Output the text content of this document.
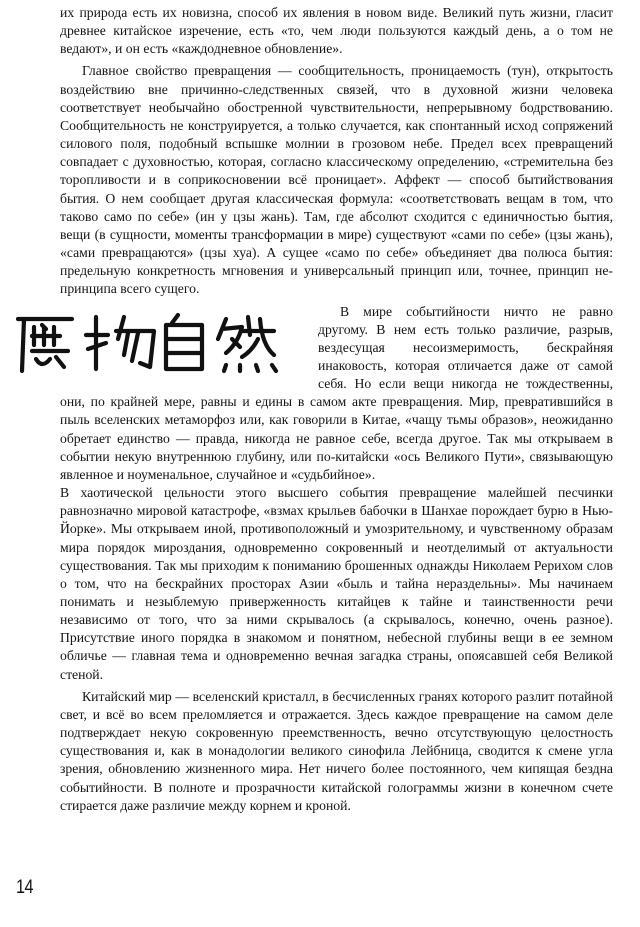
их природа есть их новизна, способ их явления в новом виде. Великий путь жизни, гласит древнее китайское изречение, есть «то, чем люди пользуются каждый день, а о том не ведают», и он есть «каждодневное обновление».

Главное свойство превращения — сообщительность, проницаемость (тун), открытость воздействию вне причинно-следственных связей, что в духовной жизни человека соответствует необычайно обостренной чувствительности, непрерывному бодрствованию. Сообщительность не конструируется, а только случается, как спонтанный исход сопряжений силового поля, подобный вспышке молнии в грозовом небе. Предел всех превращений совпадает с духовностью, которая, согласно классическому определению, «стремительна без торопливости и в соприкосновении всё проницает». Аффект — способ бытийствования бытия. О нем сообщает другая классическая формула: «соответствовать вещам в том, что таково само по себе» (ин у цзы жань). Там, где абсолют сходится с единичностью бытия, вещи (в сущности, моменты трансформации в мире) существуют «сами по себе» (цзы жань), «сами превращаются» (цзы хуа). А сущее «само по себе» объединяет два полюса бытия: предельную конкретность мгновения и универсальный принцип или, точнее, принцип не-принципа всего сущего.

В мире событийности ничто не равно другому. В нем есть только различие, разрыв, вездесущая несоизмеримость, бескрайняя инаковость, которая отличается даже от самой себя. Но если вещи никогда не тождественны, они, по крайней мере, равны и едины в самом акте превращения. Мир, превратившийся в пыль вселенских метаморфоз или, как говорили в Китае, «чащу тьмы образов», неожиданно обретает единство — правда, никогда не равное себе, всегда другое. Так мы открываем в событии некую внутреннюю глубину, или по-китайски «ось Великого Пути», связывающую явленное и ноуменальное, случайное и «судьбийное».

В хаотической цельности этого высшего события превращение малейшей песчинки равнозначно мировой катастрофе, «взмах крыльев бабочки в Шанхае порождает бурю в Нью-Йорке». Мы открываем иной, противоположный и умозрительному, и чувственному образам мира порядок мироздания, одновременно сокровенный и неотделимый от актуальности существования. Так мы приходим к пониманию брошенных однажды Николаем Рерихом слов о том, что на бескрайних просторах Азии «быль и тайна нераздельны». Мы начинаем понимать и незыблемую приверженность китайцев к тайне и таинственности речи независимо от того, что за ними скрывалось (а скрывалось, конечно, очень разное). Присутствие иного порядка в знакомом и понятном, небесной глубины вещи в ее земном обличье — главная тема и одновременно вечная загадка страны, опоясавшей себя Великой стеной.

Китайский мир — вселенский кристалл, в бесчисленных гранях которого разлит потайной свет, и всё во всем преломляется и отражается. Здесь каждое превращение на самом деле подтверждает некую сокровенную преемственность, вечно отсутствующую целостность существования и, как в монадологии великого синофила Лейбница, сводится к смене угла зрения, обновлению жизненного мира. Нет ничего более постоянного, чем кипящая бездна событийности. В полноте и прозрачности китайской голограммы жизни в конечном счете стирается даже различие между корнем и кроной.

14
